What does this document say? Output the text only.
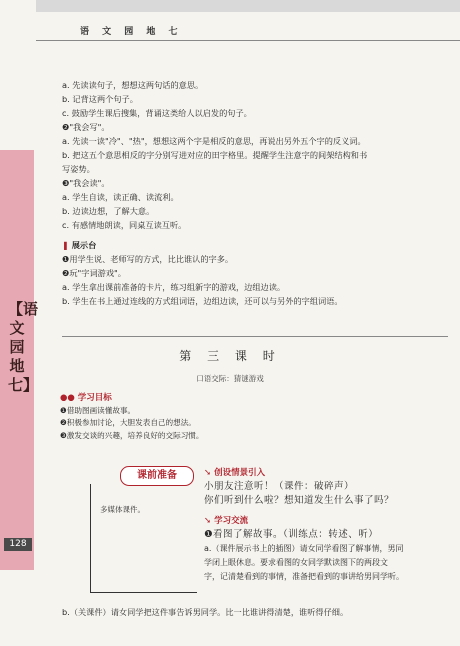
语 文 园 地 七
【语文园地七】
128

a. 先读读句子，想想这两句话的意思。

b. 记背这两个句子。

c. 鼓励学生课后搜集，背诵这类给人以启发的句子。

❷"我会写"。

a. 先读一读"冷"、"热"，想想这两个字是相反的意思，再说出另外五个字的反义词。

b. 把这五个意思相反的字分别写进对应的田字格里。提醒学生注意字的间架结构和书

写姿势。

❸"我会读"。

a. 学生自读，读正确、读流利。

b. 边读边想，了解大意。

c. 有感情地朗读，同桌互读互听。

❚ 展示台

❶用学生说、老师写的方式，比比谁认的字多。

❷玩"字词游戏"。

a. 学生拿出课前准备的卡片，练习组新字的游戏，边组边读。

b. 学生在书上通过连线的方式组词语，边组边读，还可以与另外的字组词语。

第 三 课 时
口语交际：猜谜游戏
●● 学习目标
❶借助图画读懂故事。
❷积极参加讨论，大胆发表自己的想法。
❸激发交谈的兴趣，培养良好的交际习惯。
课前准备
多媒体课件。
➘ 创设情景引入
小朋友注意听！（课件：破碎声）
你们听到什么啦？想知道发生什么事了吗？
➘ 学习交流
❶看图了解故事。（训练点：转述、听）
a.（课件展示书上的插图）请女同学看图了解事情，男同
学闭上眼休息。要求看图的女同学默读图下的两段文
字，记清楚看到的事情，准备把看到的事讲给男同学听。
b.（关课件）请女同学把这件事告诉男同学。比一比谁讲得清楚，谁听得仔细。
